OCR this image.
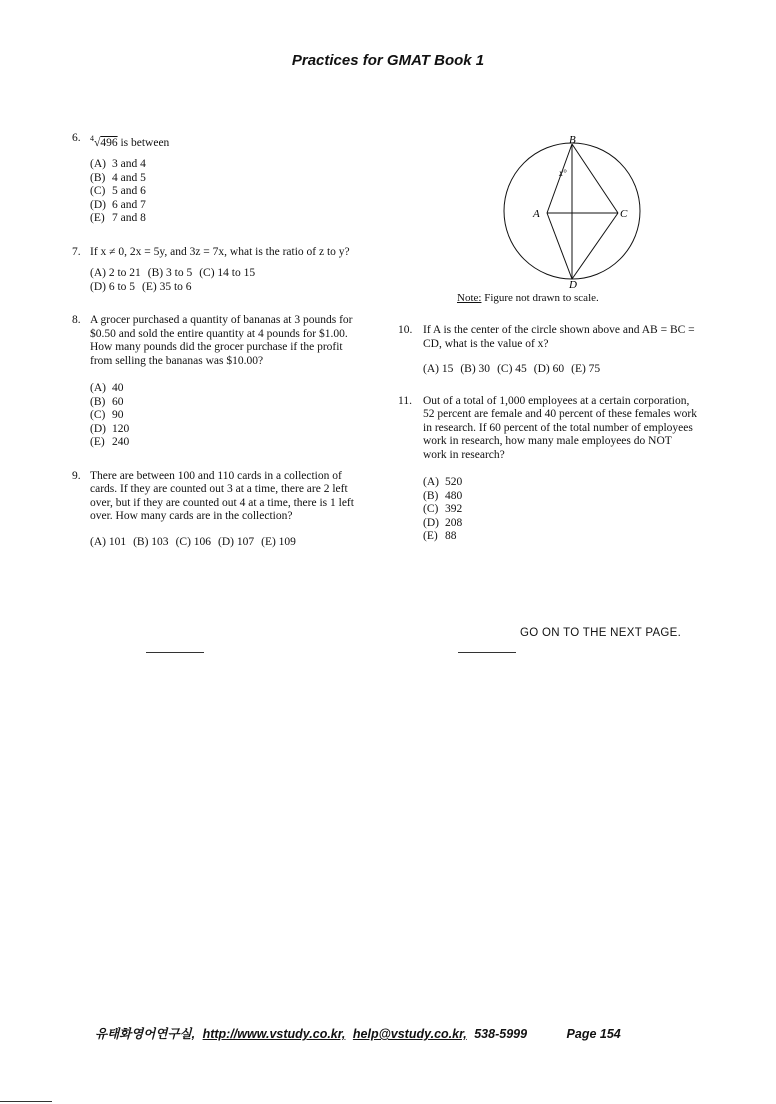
Practices for GMAT Book 1
6. $^4$√496 is between

(A) 3 and 4
(B) 4 and 5
(C) 5 and 6
(D) 6 and 7
(E) 7 and 8
7. If x ≠ 0, 2x = 5y, and 3z = 7x, what is the ratio of z to y?

(A) 2 to 21 (B) 3 to 5 (C) 14 to 15
(D) 6 to 5 (E) 35 to 6
8. A grocer purchased a quantity of bananas at 3 pounds for $0.50 and sold the entire quantity at 4 pounds for $1.00. How many pounds did the grocer purchase if the profit from selling the bananas was $10.00?

(A) 40
(B) 60
(C) 90
(D) 120
(E) 240
9. There are between 100 and 110 cards in a collection of cards. If they are counted out 3 at a time, there are 2 left over, but if they are counted out 4 at a time, there is 1 left over. How many cards are in the collection?

(A) 101 (B) 103 (C) 106 (D) 107 (E) 109
B
A	C
D
x°
Note: Figure not drawn to scale.
10. If A is the center of the circle shown above and AB = BC = CD, what is the value of x?

(A) 15 (B) 30 (C) 45 (D) 60 (E) 75
11. Out of a total of 1,000 employees at a certain corporation, 52 percent are female and 40 percent of these females work in research. If 60 percent of the total number of employees work in research, how many male employees do NOT work in research?

(A) 520
(B) 480
(C) 392
(D) 208
(E) 88
GO ON TO THE NEXT PAGE.
유태화영어연구실, http://www.vstudy.co.kr, help@vstudy.co.kr, 538-5999	Page 154
